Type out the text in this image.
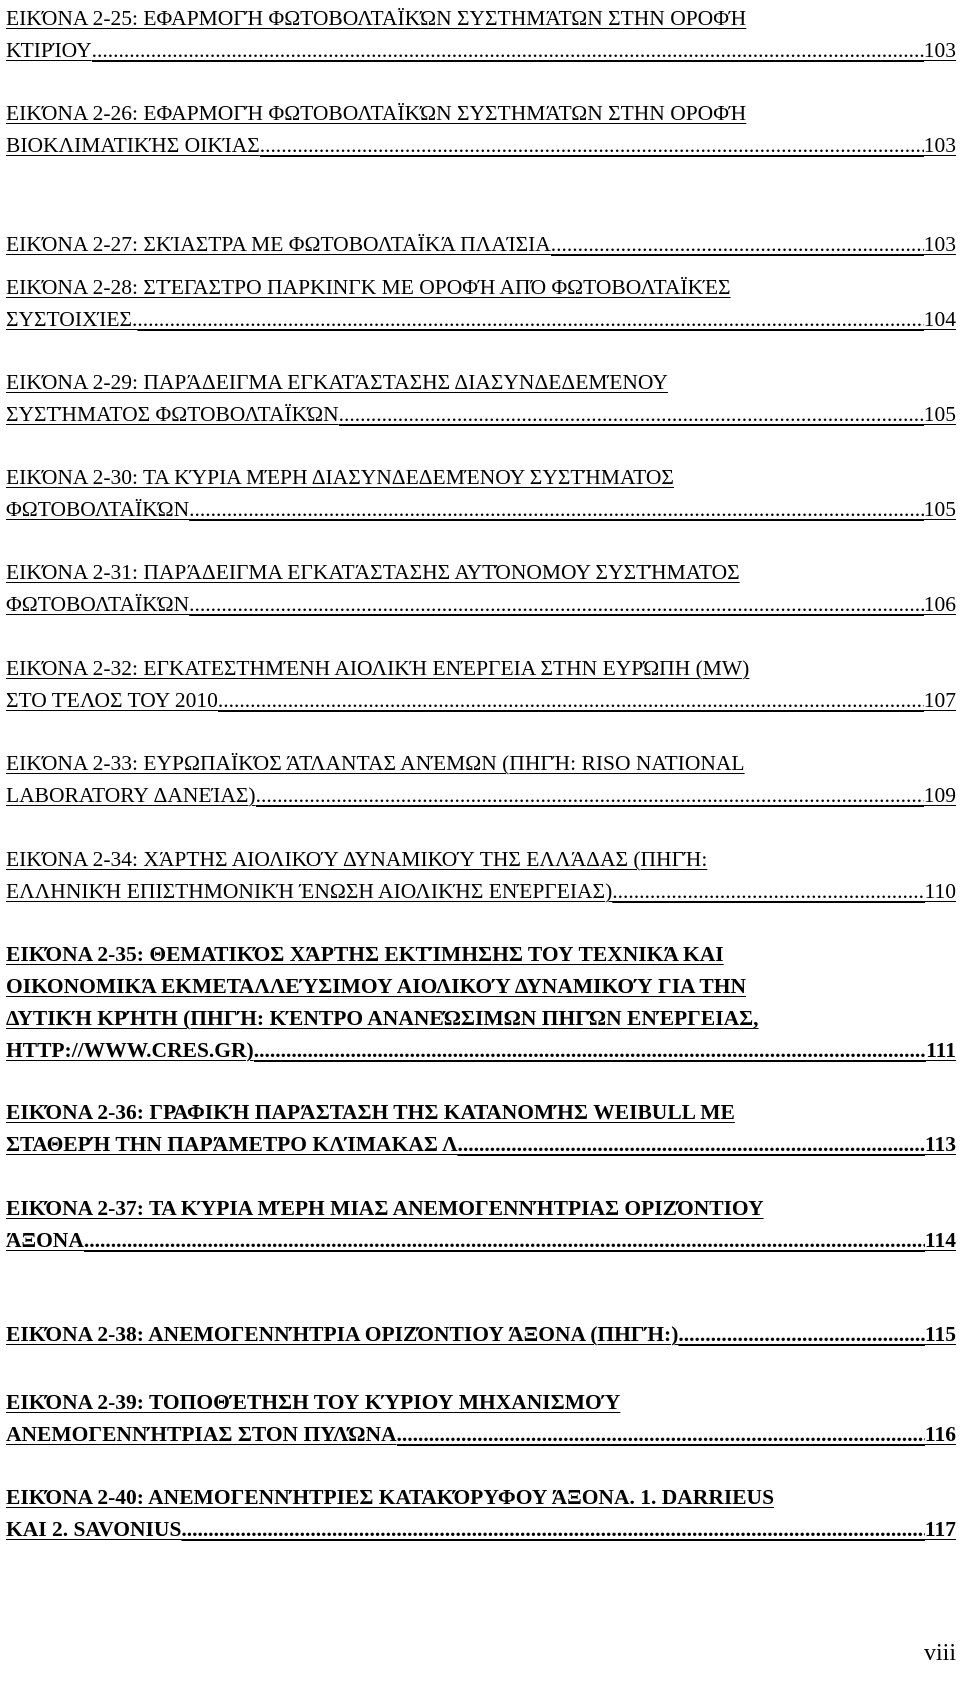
ΕΙΚΌΝΑ 2-25: ΕΦΑΡΜΟΓΉ ΦΩΤΟΒΟΛΤΑΪΚΏΝ ΣΥΣΤΗΜΆΤΩΝ ΣΤΗΝ ΟΡΟΦΉ
ΚΤΙΡΊΟΥ .....	103
ΕΙΚΌΝΑ 2-26: ΕΦΑΡΜΟΓΉ ΦΩΤΟΒΟΛΤΑΪΚΏΝ ΣΥΣΤΗΜΆΤΩΝ ΣΤΗΝ ΟΡΟΦΉ
ΒΙΟΚΛΙΜΑΤΙΚΉΣ ΟΙΚΊΑΣ .....	103
ΕΙΚΌΝΑ 2-27: ΣΚΊΑΣΤΡΑ ΜΕ ΦΩΤΟΒΟΛΤΑΪΚΆ ΠΛΑΊΣΙΑ .....	103
ΕΙΚΌΝΑ 2-28: ΣΤΈΓΑΣΤΡΟ ΠΑΡΚΙΝΓΚ ΜΕ ΟΡΟΦΉ ΑΠΌ ΦΩΤΟΒΟΛΤΑΪΚΈΣ
ΣΥΣΤΟΙΧΊΕΣ. .....	104
ΕΙΚΌΝΑ 2-29: ΠΑΡΆΔΕΙΓΜΑ ΕΓΚΑΤΆΣΤΑΣΗΣ ΔΙΑΣΥΝΔΕΔΕΜΈΝΟΥ
ΣΥΣΤΉΜΑΤΟΣ ΦΩΤΟΒΟΛΤΑΪΚΏΝ .....	105
ΕΙΚΌΝΑ 2-30: ΤΑ ΚΎΡΙΑ ΜΈΡΗ ΔΙΑΣΥΝΔΕΔΕΜΈΝΟΥ ΣΥΣΤΉΜΑΤΟΣ
ΦΩΤΟΒΟΛΤΑΪΚΏΝ .....	105
ΕΙΚΌΝΑ 2-31: ΠΑΡΆΔΕΙΓΜΑ ΕΓΚΑΤΆΣΤΑΣΗΣ ΑΥΤΌΝΟΜΟΥ ΣΥΣΤΉΜΑΤΟΣ
ΦΩΤΟΒΟΛΤΑΪΚΏΝ .....	106
ΕΙΚΌΝΑ 2-32: ΕΓΚΑΤΕΣΤΗΜΈΝΗ ΑΙΟΛΙΚΉ ΕΝΈΡΓΕΙΑ ΣΤΗΝ ΕΥΡΏΠΗ (MW)
ΣΤΟ ΤΈΛΟΣ ΤΟΥ 2010 .....	107
ΕΙΚΌΝΑ 2-33: ΕΥΡΩΠΑΪΚΌΣ ΆΤΛΑΝΤΑΣ ΑΝΈΜΩΝ (ΠΗΓΉ: RISO NATIONAL
LABORATORY ΔΑΝΕΊΑΣ) .....	109
ΕΙΚΌΝΑ 2-34: ΧΆΡΤΗΣ ΑΙΟΛΙΚΟΎ ΔΥΝΑΜΙΚΟΎ ΤΗΣ ΕΛΛΆΔΑΣ (ΠΗΓΉ:
ΕΛΛΗΝΙΚΉ ΕΠΙΣΤΗΜΟΝΙΚΉ ΈΝΩΣΗ ΑΙΟΛΙΚΉΣ ΕΝΈΡΓΕΙΑΣ) .....	110
ΕΙΚΌΝΑ 2-35: ΘΕΜΑΤΙΚΌΣ ΧΆΡΤΗΣ ΕΚΤΊΜΗΣΗΣ ΤΟΥ ΤΕΧΝΙΚΆ ΚΑΙ
ΟΙΚΟΝΟΜΙΚΆ ΕΚΜΕΤΑΛΛΕΎΣΙΜΟΥ ΑΙΟΛΙΚΟΎ ΔΥΝΑΜΙΚΟΎ ΓΙΑ ΤΗΝ
ΔΥΤΙΚΉ ΚΡΉΤΗ (ΠΗΓΉ: ΚΈΝΤΡΟ ΑΝΑΝΕΏΣΙΜΩΝ ΠΗΓΏΝ ΕΝΈΡΓΕΙΑΣ,
HTTP://WWW.CRES.GR) .....	111
ΕΙΚΌΝΑ 2-36: ΓΡΑΦΙΚΉ ΠΑΡΆΣΤΑΣΗ ΤΗΣ ΚΑΤΑΝΟΜΉΣ WEIBULL ΜΕ
ΣΤΑΘΕΡΉ ΤΗΝ ΠΑΡΆΜΕΤΡΟ ΚΛΊΜΑΚΑΣ Λ .....	113
ΕΙΚΌΝΑ 2-37: ΤΑ ΚΎΡΙΑ ΜΈΡΗ ΜΙΑΣ ΑΝΕΜΟΓΕΝΝΉΤΡΙΑΣ ΟΡΙΖΌΝΤΙΟΥ
ΆΞΟΝΑ .....	114
ΕΙΚΌΝΑ 2-38: ΑΝΕΜΟΓΕΝΝΉΤΡΙΑ ΟΡΙΖΌΝΤΙΟΥ ΆΞΟΝΑ (ΠΗΓΉ:) .....	115
ΕΙΚΌΝΑ 2-39: ΤΟΠΟΘΈΤΗΣΗ ΤΟΥ ΚΎΡΙΟΥ ΜΗΧΑΝΙΣΜΟΎ
ΑΝΕΜΟΓΕΝΝΉΤΡΙΑΣ ΣΤΟΝ ΠΥΛΏΝΑ .....	116
ΕΙΚΌΝΑ 2-40: ΑΝΕΜΟΓΕΝΝΉΤΡΙΕΣ ΚΑΤΑΚΌΡΥΦΟΥ ΆΞΟΝΑ. 1. DARRIEUS
ΚΑΙ 2. SAVONIUS .....	117
viii
